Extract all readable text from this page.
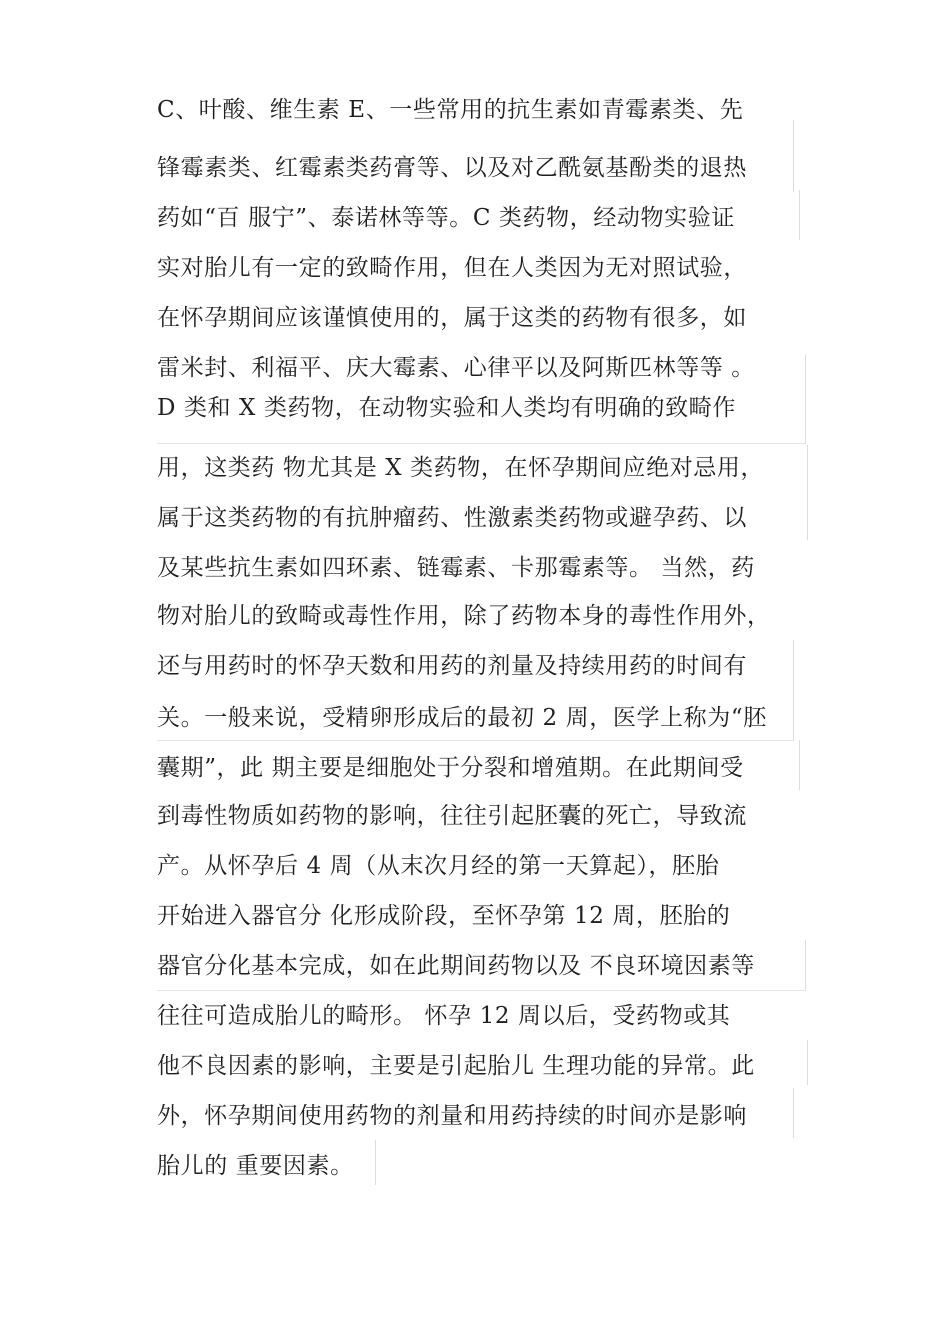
C、叶酸、维生素 E、一些常用的抗生素如青霉素类、先
锋霉素类、红霉素类药膏等、以及对乙酰氨基酚类的退热
药如“百 服宁”、泰诺林等等。C 类药物，经动物实验证
实对胎儿有一定的致畸作用，但在人类因为无对照试验，
在怀孕期间应该谨慎使用的，属于这类的药物有很多，如
雷米封、利福平、庆大霉素、心律平以及阿斯匹林等等 。
D 类和 X 类药物，在动物实验和人类均有明确的致畸作
用，这类药 物尤其是 X 类药物，在怀孕期间应绝对忌用，
属于这类药物的有抗肿瘤药、性激素类药物或避孕药、以
及某些抗生素如四环素、链霉素、卡那霉素等。 当然，药
物对胎儿的致畸或毒性作用，除了药物本身的毒性作用外，
还与用药时的怀孕天数和用药的剂量及持续用药的时间有
关。一般来说，受精卵形成后的最初 2 周，医学上称为“胚
囊期”，此 期主要是细胞处于分裂和增殖期。在此期间受
到毒性物质如药物的影响，往往引起胚囊的死亡，导致流
产。从怀孕后 4 周（从末次月经的第一天算起），胚胎
开始进入器官分 化形成阶段，至怀孕第 12 周，胚胎的
器官分化基本完成，如在此期间药物以及 不良环境因素等
往往可造成胎儿的畸形。 怀孕 12 周以后，受药物或其
他不良因素的影响，主要是引起胎儿 生理功能的异常。此
外，怀孕期间使用药物的剂量和用药持续的时间亦是影响
胎儿的 重要因素。
